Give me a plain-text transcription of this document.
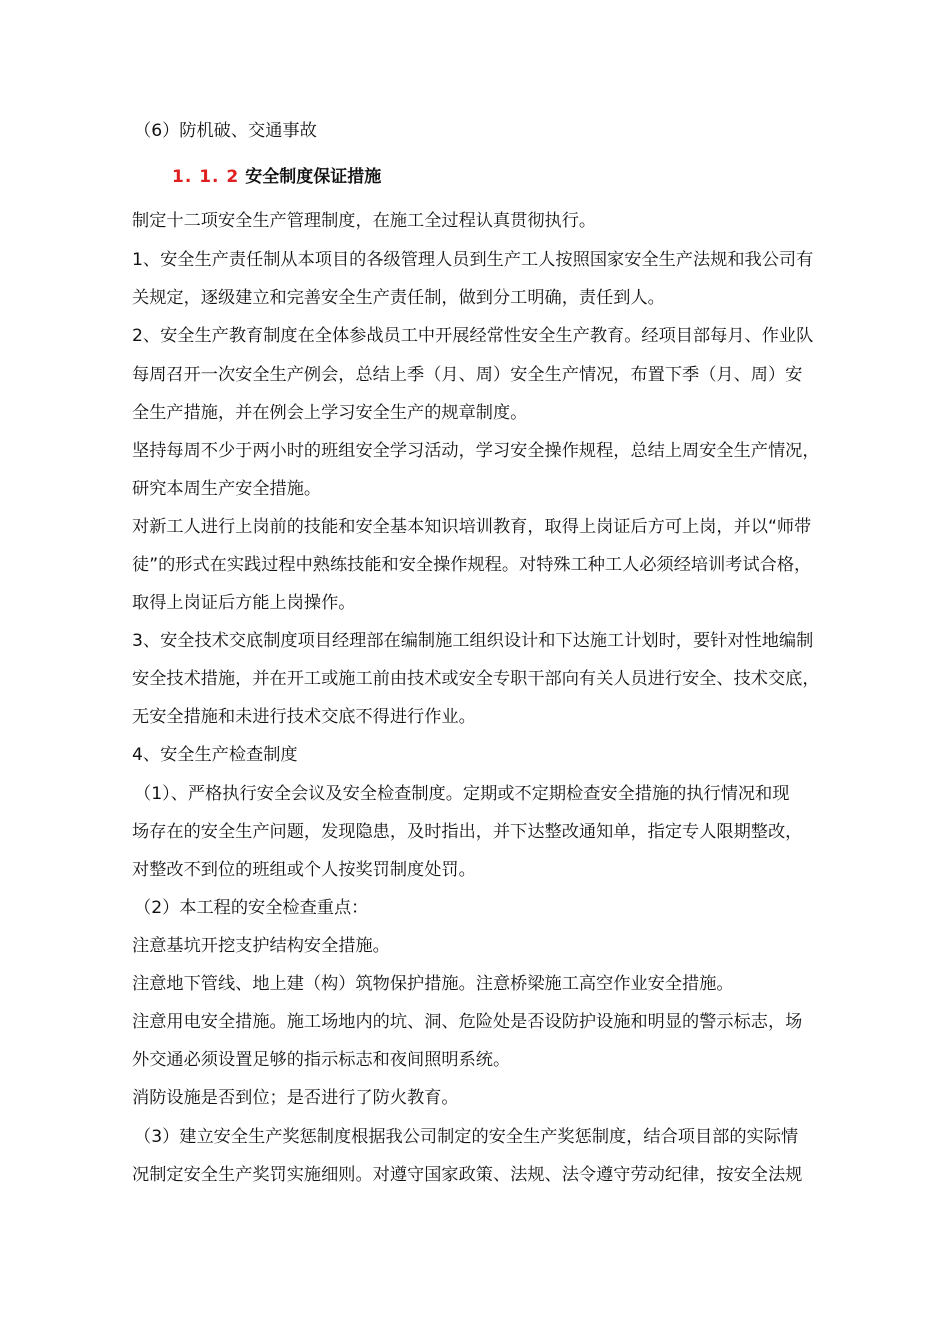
（6）防机破、交通事故
1. 1. 2 安全制度保证措施
制定十二项安全生产管理制度，在施工全过程认真贯彻执行。
1、安全生产责任制从本项目的各级管理人员到生产工人按照国家安全生产法规和我公司有
关规定，逐级建立和完善安全生产责任制，做到分工明确，责任到人。
2、安全生产教育制度在全体参战员工中开展经常性安全生产教育。经项目部每月、作业队
每周召开一次安全生产例会，总结上季（月、周）安全生产情况，布置下季（月、周）安
全生产措施，并在例会上学习安全生产的规章制度。
坚持每周不少于两小时的班组安全学习活动，学习安全操作规程，总结上周安全生产情况，
研究本周生产安全措施。
对新工人进行上岗前的技能和安全基本知识培训教育，取得上岗证后方可上岗，并以“师带
徒”的形式在实践过程中熟练技能和安全操作规程。对特殊工种工人必须经培训考试合格，
取得上岗证后方能上岗操作。
3、安全技术交底制度项目经理部在编制施工组织设计和下达施工计划时，要针对性地编制
安全技术措施，并在开工或施工前由技术或安全专职干部向有关人员进行安全、技术交底，
无安全措施和未进行技术交底不得进行作业。
4、安全生产检查制度
（1）、严格执行安全会议及安全检查制度。定期或不定期检查安全措施的执行情况和现
场存在的安全生产问题，发现隐患，及时指出，并下达整改通知单，指定专人限期整改，
对整改不到位的班组或个人按奖罚制度处罚。
（2）本工程的安全检查重点：
注意基坑开挖支护结构安全措施。
注意地下管线、地上建（构）筑物保护措施。注意桥梁施工高空作业安全措施。
注意用电安全措施。施工场地内的坑、洞、危险处是否设防护设施和明显的警示标志，场
外交通必须设置足够的指示标志和夜间照明系统。
消防设施是否到位；是否进行了防火教育。
（3）建立安全生产奖惩制度根据我公司制定的安全生产奖惩制度，结合项目部的实际情
况制定安全生产奖罚实施细则。对遵守国家政策、法规、法令遵守劳动纪律，按安全法规
